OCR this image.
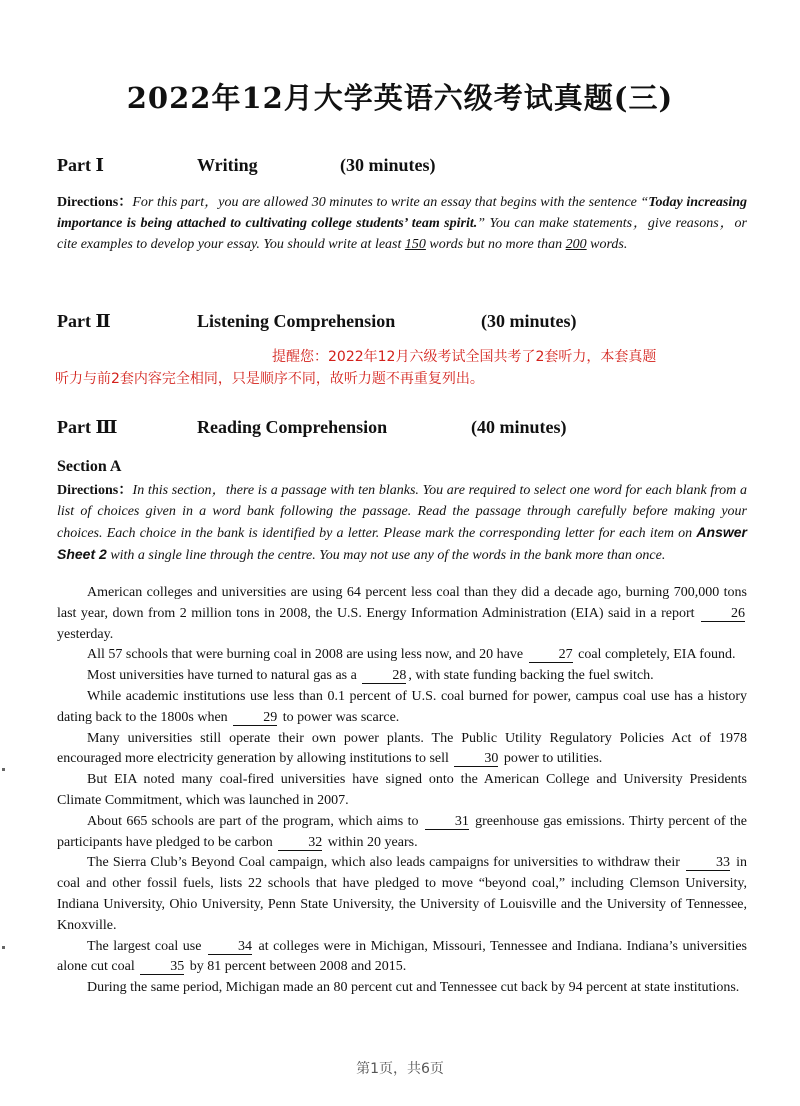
2022年12月大学英语六级考试真题(三)
Part Ⅰ	Writing	(30 minutes)
Directions：For this part，you are allowed 30 minutes to write an essay that begins with the sentence “Today increasing importance is being attached to cultivating college students’ team spirit.” You can make statements，give reasons，or cite examples to develop your essay. You should write at least 150 words but no more than 200 words.
Part Ⅱ	Listening Comprehension	(30 minutes)
提醒您：2022年12月六级考试全国共考了2套听力，本套真题
听力与前2套内容完全相同，只是顺序不同，故听力题不再重复列出。
Part Ⅲ	Reading Comprehension	(40 minutes)
Section A
Directions：In this section，there is a passage with ten blanks. You are required to select one word for each blank from a list of choices given in a word bank following the passage. Read the passage through carefully before making your choices. Each choice in the bank is identified by a letter. Please mark the corresponding letter for each item on Answer Sheet 2 with a single line through the centre. You may not use any of the words in the bank more than once.

American colleges and universities are using 64 percent less coal than they did a decade ago, burning 700,000 tons last year, down from 2 million tons in 2008, the U.S. Energy Information Administration (EIA) said in a report 26 yesterday.

All 57 schools that were burning coal in 2008 are using less now, and 20 have 27 coal completely, EIA found.

Most universities have turned to natural gas as a 28 , with state funding backing the fuel switch.

While academic institutions use less than 0.1 percent of U.S. coal burned for power, campus coal use has a history dating back to the 1800s when 29 to power was scarce.

Many universities still operate their own power plants. The Public Utility Regulatory Policies Act of 1978 encouraged more electricity generation by allowing institutions to sell 30 power to utilities.

But EIA noted many coal-fired universities have signed onto the American College and University Presidents Climate Commitment, which was launched in 2007.

About 665 schools are part of the program, which aims to 31 greenhouse gas emissions. Thirty percent of the participants have pledged to be carbon 32 within 20 years.

The Sierra Club’s Beyond Coal campaign, which also leads campaigns for universities to withdraw their 33 in coal and other fossil fuels, lists 22 schools that have pledged to move “beyond coal,” including Clemson University, Indiana University, Ohio University, Penn State University, the University of Louisville and the University of Tennessee, Knoxville.

The largest coal use 34 at colleges were in Michigan, Missouri, Tennessee and Indiana. Indiana’s universities alone cut coal 35 by 81 percent between 2008 and 2015.

During the same period, Michigan made an 80 percent cut and Tennessee cut back by 94 percent at state institutions.

第1页，共6页
